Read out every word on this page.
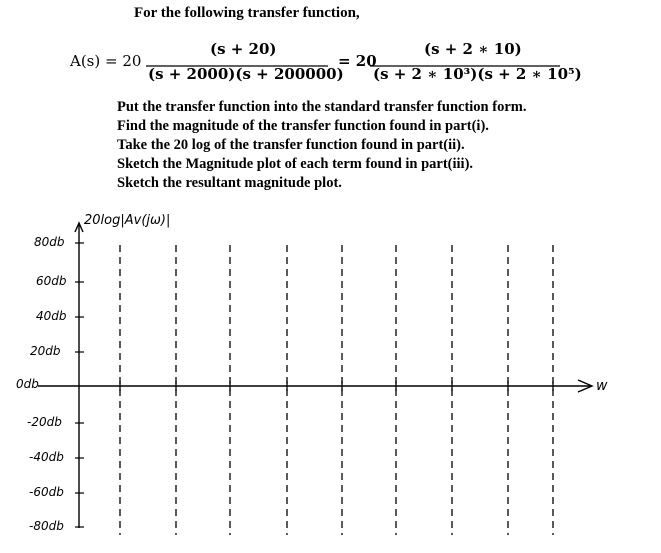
For the following transfer function,
A(s) = 20
(s + 20)
(s + 2000)(s + 200000)
= 20
(s + 2 ∗ 10)
(s + 2 ∗ 10³)(s + 2 ∗ 10⁵)
Put the transfer function into the standard transfer function form.
Find the magnitude of the transfer function found in part(i).
Take the 20 log of the transfer function found in part(ii).
Sketch the Magnitude plot of each term found in part(iii).
Sketch the resultant magnitude plot.
20log|Av(jω)|
w
80db
60db
40db
20db
0db
-20db
-40db
-60db
-80db
